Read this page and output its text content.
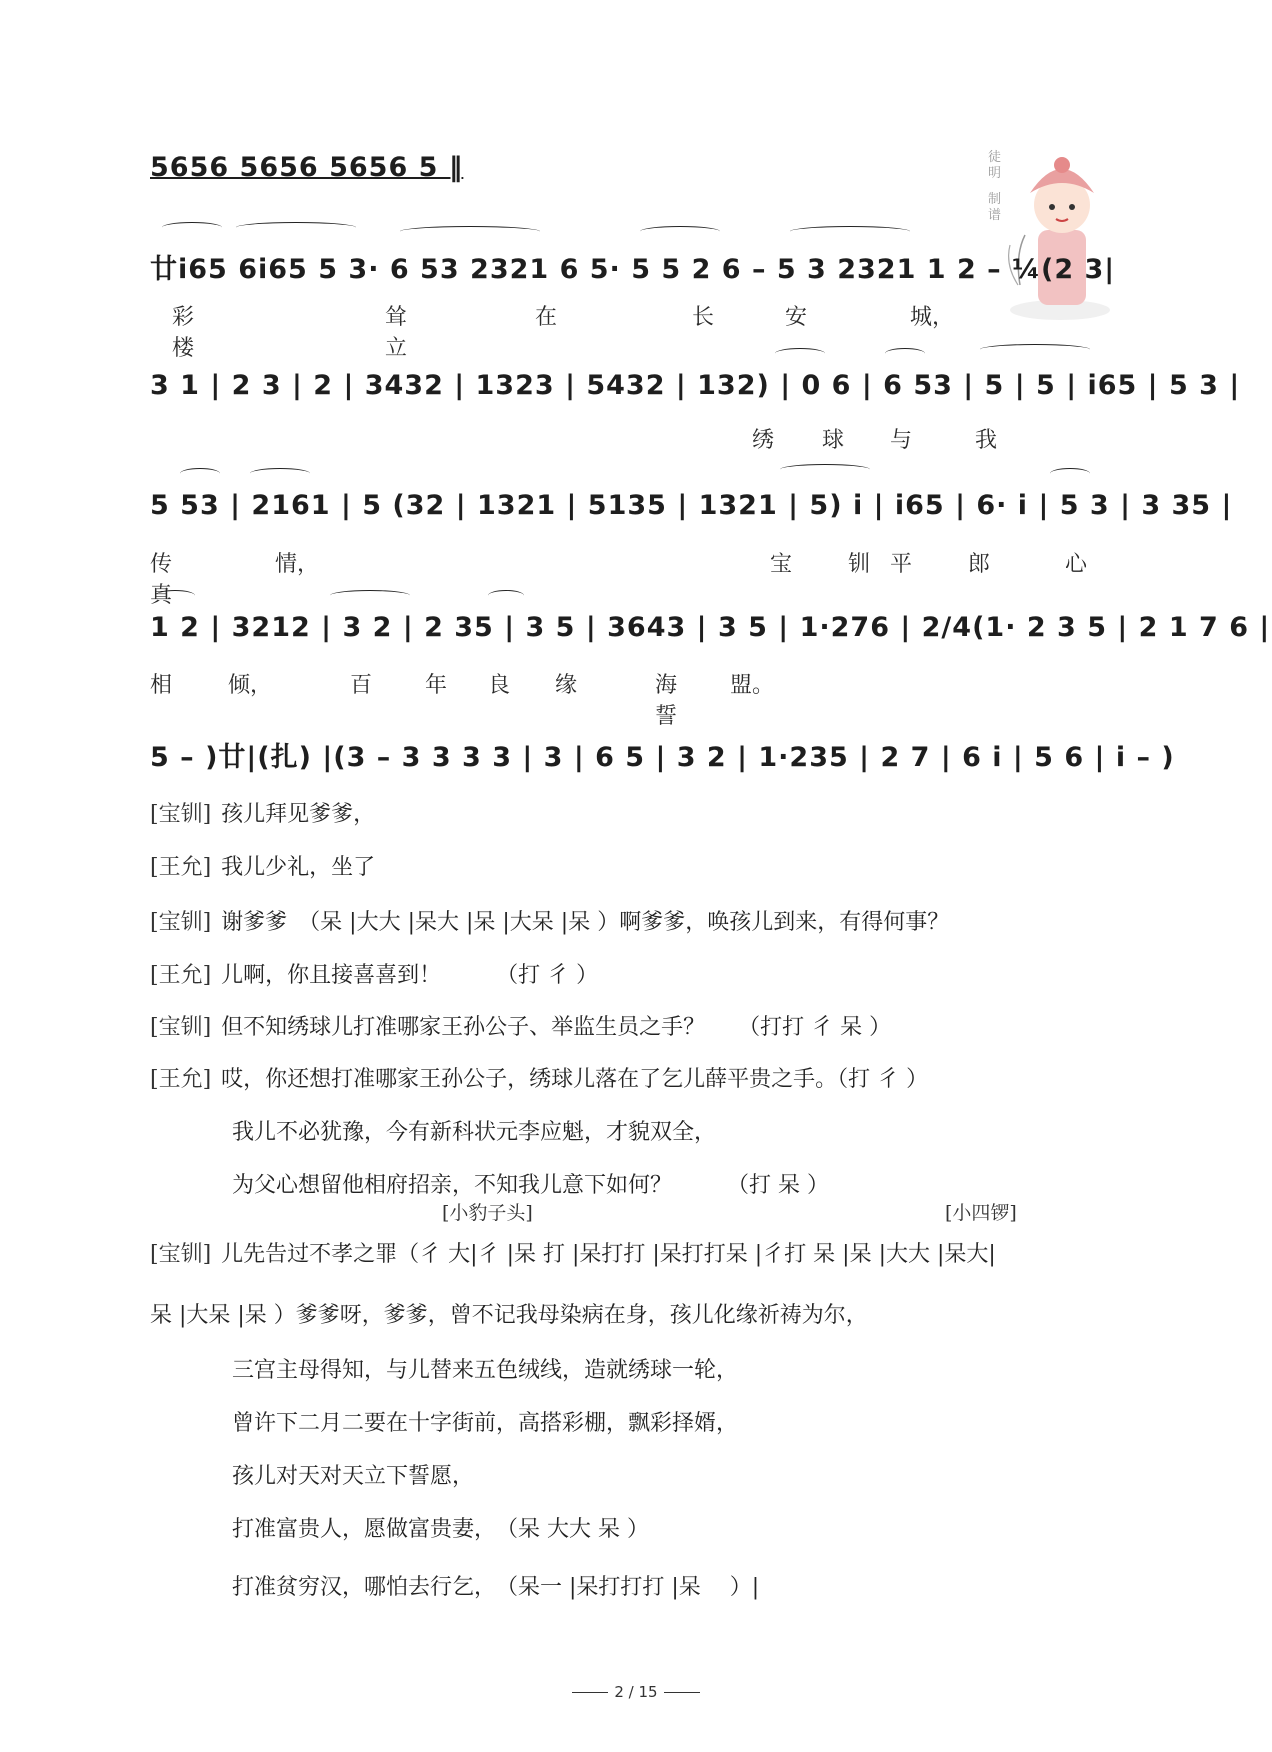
徒
明
制
谱
5656 5656 5656 5 ‖
廿i65 6i65 5 3· 6 53 2321 6 5· 5 5 2 6 – 5 3 2321 1 2 – ¼(2 3|
彩楼
耸立
在	长	安	城，
3 1 | 2 3 | 2 | 3432 | 1323 | 5432 | 132) | 0 6 | 6 53 | 5 | 5 | i65 | 5 3 |
绣 球 与	我
5 53 | 2161 | 5 (32 | 1321 | 5135 | 1321 | 5) i | i65 | 6· i | 5 3 | 3 35 |
传真
情，	宝	钏 平	郎	心
1 2 | 3212 | 3 2 | 2 35 | 3 5 | 3643 | 3 5 | 1·276 | 2/4(1· 2 3 5 | 2 1 7 6 |
相	倾，	百 年 良 缘	海誓
盟。
5 – )廿|(扎) |(3 – 3 3 3 3 | 3 | 6 5 | 3 2 | 1·235 | 2 7 | 6 i | 5 6 | i – )
[宝钏] 孩儿拜见爹爹，
[王允] 我儿少礼，坐了
[宝钏] 谢爹爹　（呆 |大大 |呆大 |呆 |大呆 |呆 ）啊爹爹，唤孩儿到来，有得何事？
[王允] 儿啊，你且接喜喜到！　　　（打 彳 ）
[宝钏] 但不知绣球儿打准哪家王孙公子、举监生员之手？　　（打打 彳 呆 ）
[王允] 哎，你还想打准哪家王孙公子，绣球儿落在了乞儿薛平贵之手。（打 彳 ）
我儿不必犹豫，今有新科状元李应魁，才貌双全，
为父心想留他相府招亲，不知我儿意下如何？　　　（打 呆 ）
[小豹子头]	[小四锣]
[宝钏] 儿先告过不孝之罪（彳 大|彳 |呆 打 |呆打打 |呆打打呆 |彳打 呆 |呆 |大大 |呆大|
呆 |大呆 |呆 ）爹爹呀，爹爹，曾不记我母染病在身，孩儿化缘祈祷为尔，
三宫主母得知，与儿替来五色绒线，造就绣球一轮，
曾许下二月二要在十字街前，高搭彩棚，飘彩择婿，
孩儿对天对天立下誓愿，
打准富贵人，愿做富贵妻，　（呆 大大 呆 ）
打准贫穷汉，哪怕去行乞，　（呆一 |呆打打打 |呆　 ）|
2 / 15
